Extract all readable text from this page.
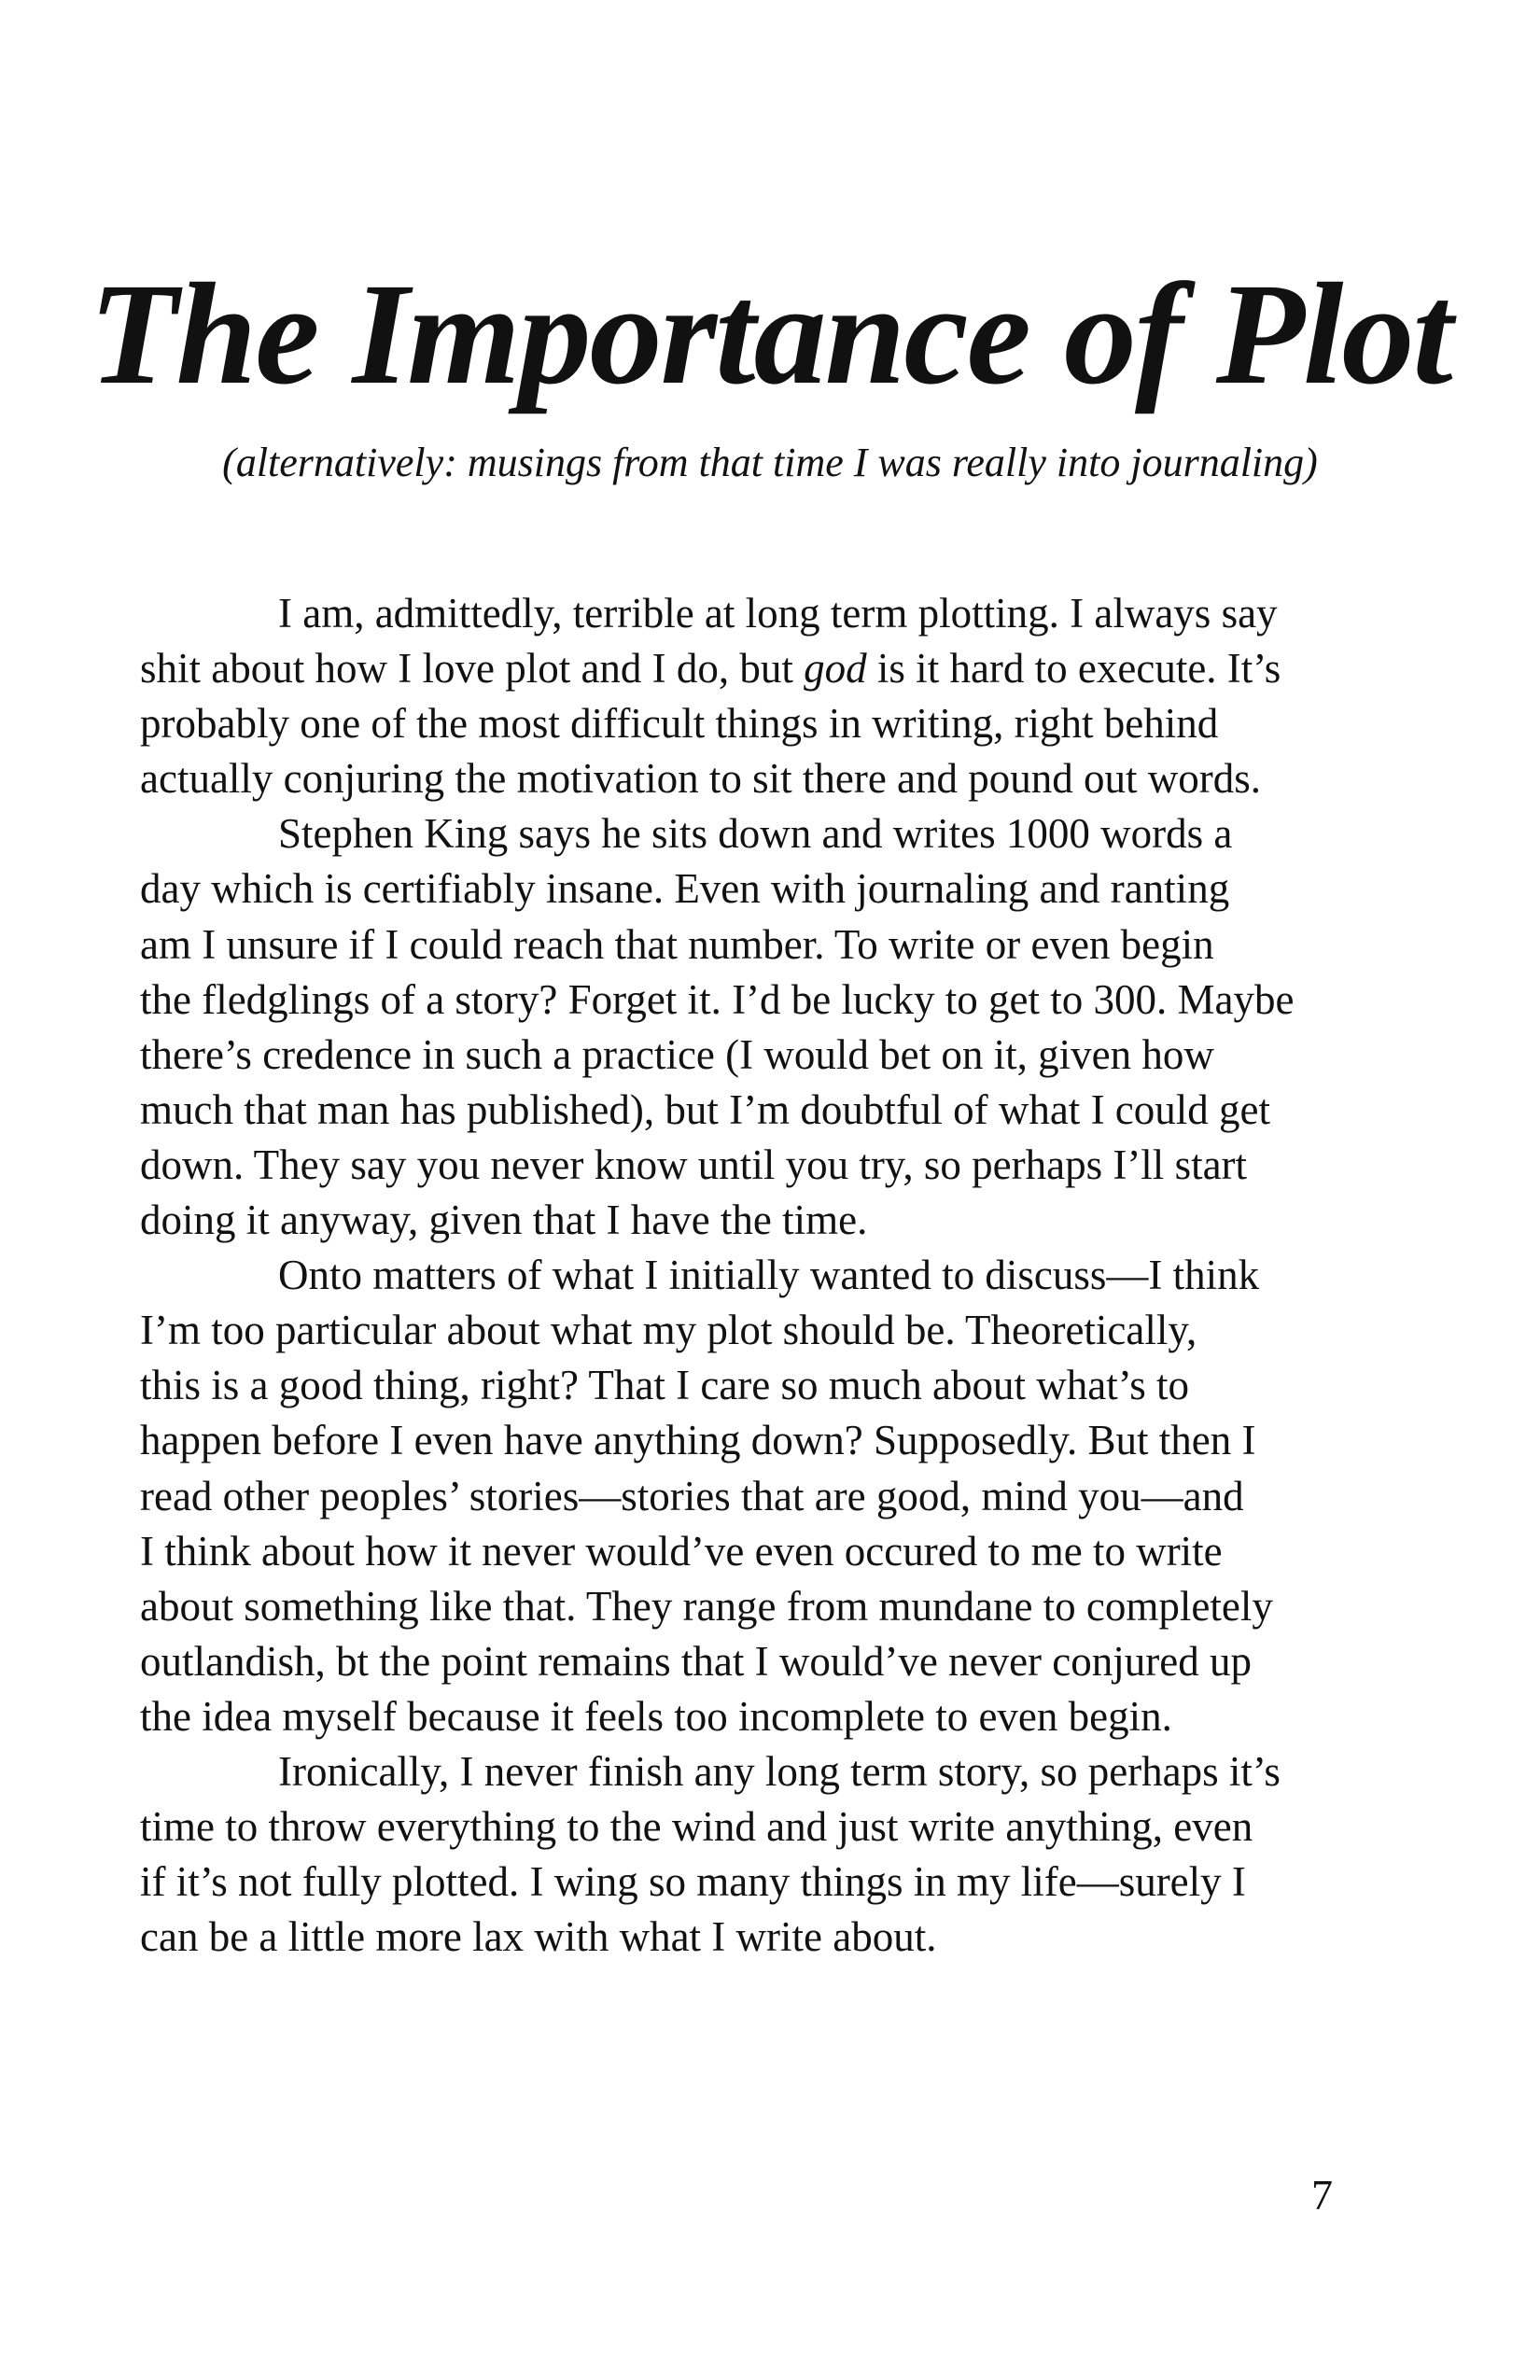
The Importance of Plot

(alternatively: musings from that time I was really into journaling)

I am, admittedly, terrible at long term plotting. I always say
shit about how I love plot and I do, but god is it hard to execute. It’s
probably one of the most difficult things in writing, right behind
actually conjuring the motivation to sit there and pound out words.
Stephen King says he sits down and writes 1000 words a
day which is certifiably insane. Even with journaling and ranting
am I unsure if I could reach that number. To write or even begin
the fledglings of a story? Forget it. I’d be lucky to get to 300. Maybe
there’s credence in such a practice (I would bet on it, given how
much that man has published), but I’m doubtful of what I could get
down. They say you never know until you try, so perhaps I’ll start
doing it anyway, given that I have the time.
Onto matters of what I initially wanted to discuss—I think
I’m too particular about what my plot should be. Theoretically,
this is a good thing, right? That I care so much about what’s to
happen before I even have anything down? Supposedly. But then I
read other peoples’ stories—stories that are good, mind you—and
I think about how it never would’ve even occured to me to write
about something like that. They range from mundane to completely
outlandish, bt the point remains that I would’ve never conjured up
the idea myself because it feels too incomplete to even begin.
Ironically, I never finish any long term story, so perhaps it’s
time to throw everything to the wind and just write anything, even
if it’s not fully plotted. I wing so many things in my life—surely I
can be a little more lax with what I write about.
7
